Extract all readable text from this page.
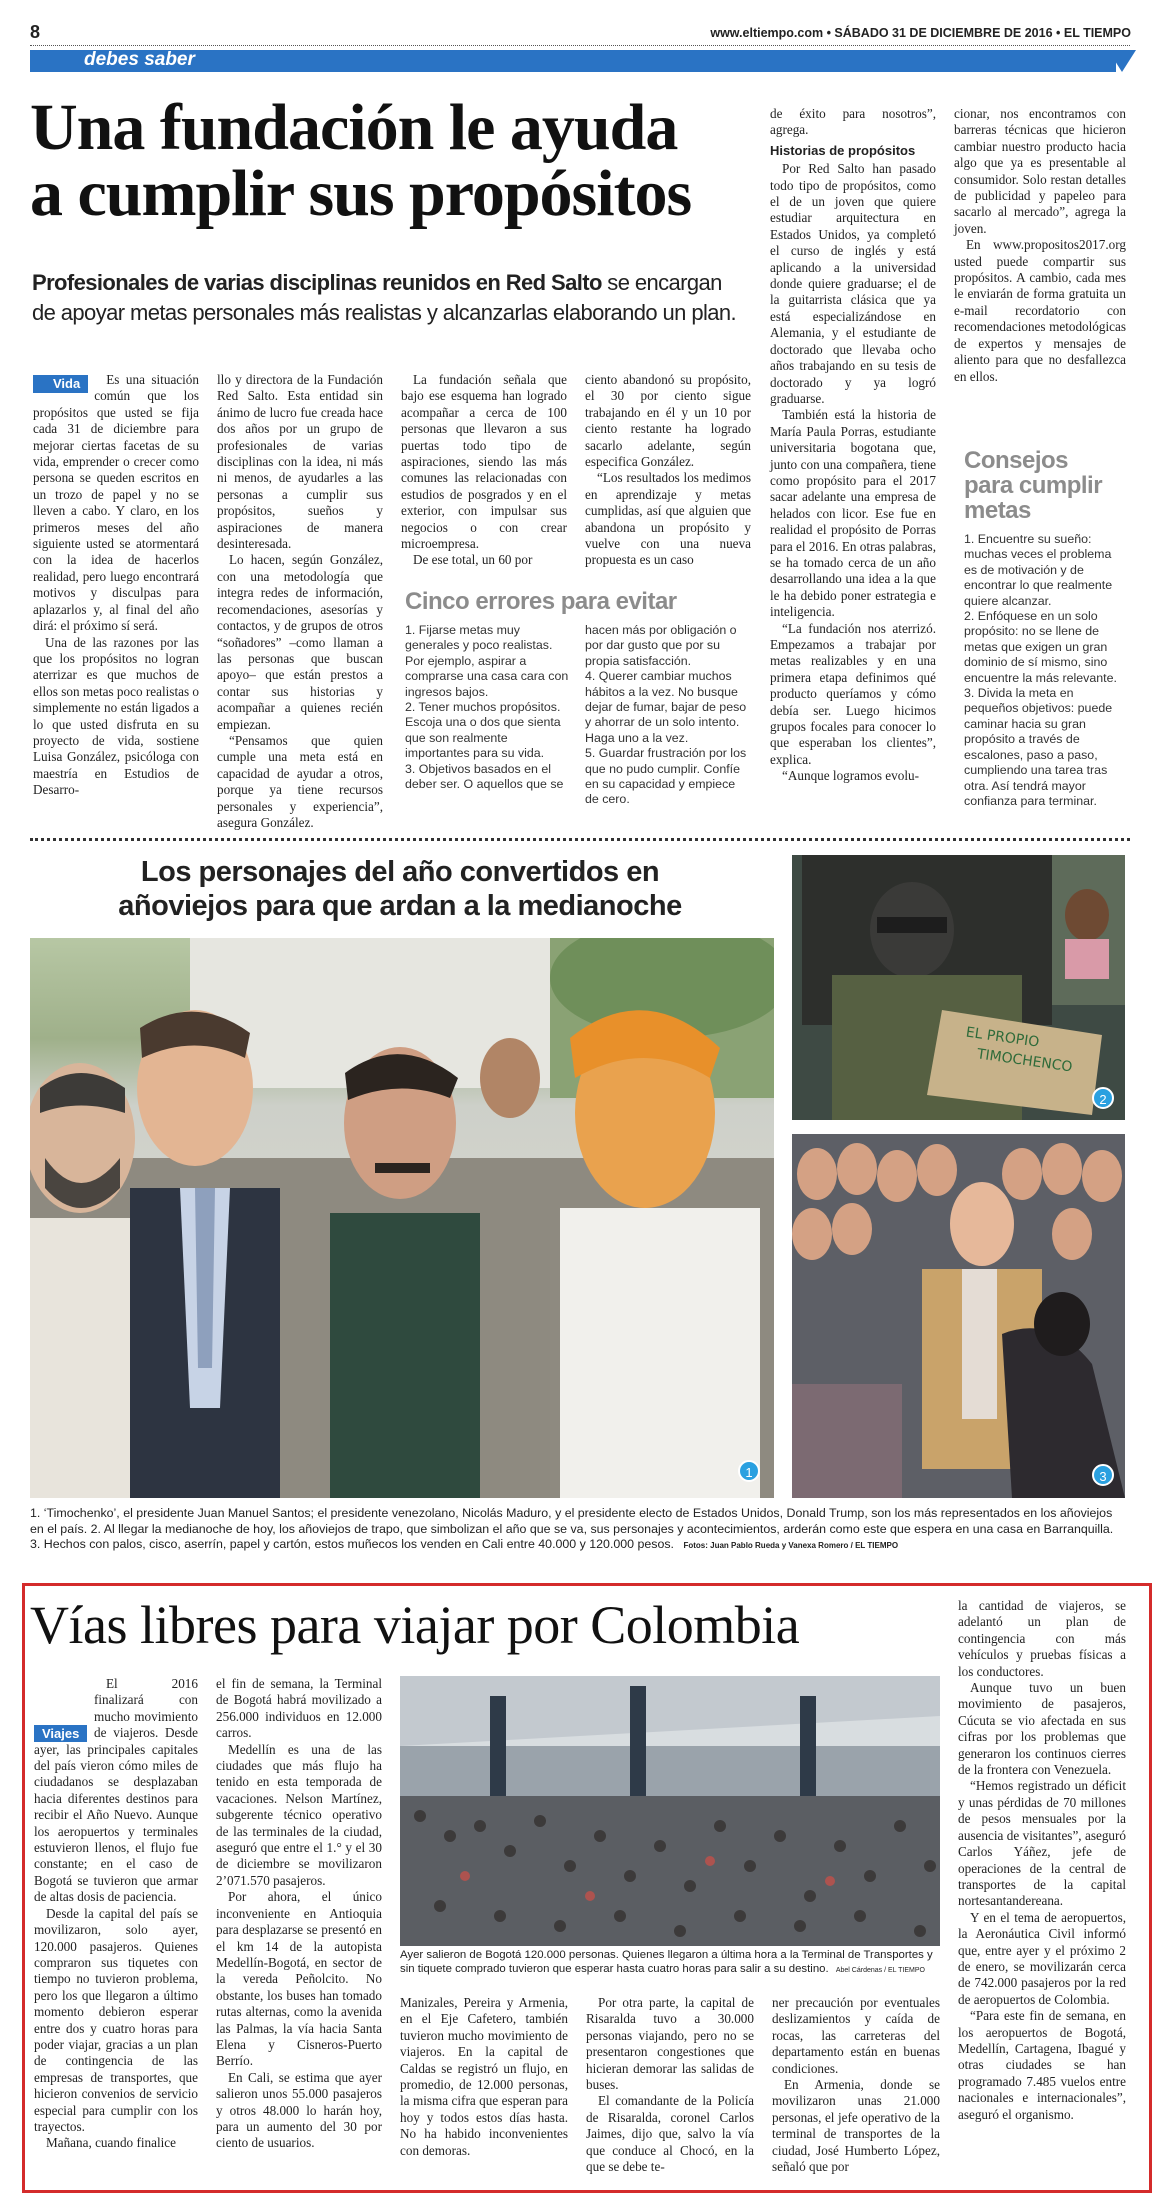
8	www.eltiempo.com • SÁBADO 31 DE DICIEMBRE DE 2016 • EL TIEMPO
debes saber
Una fundación le ayuda
a cumplir sus propósitos
Profesionales de varias disciplinas reunidos en Red Salto se encargan
de apoyar metas personales más realistas y alcanzarlas elaborando un plan.

Vida	Es una situación común que los propósitos que usted se fija cada 31 de diciembre para mejorar ciertas facetas de su vida, emprender o crecer como persona se queden escritos en un trozo de papel y no se lleven a cabo. Y claro, en los primeros meses del año siguiente usted se atormentará con la idea de hacerlos realidad, pero luego encontrará motivos y disculpas para aplazarlos y, al final del año dirá: el próximo sí será.

Una de las razones por las que los propósitos no logran aterrizar es que muchos de ellos son metas poco realistas o simplemente no están ligados a lo que usted disfruta en su proyecto de vida, sostiene Luisa González, psicóloga con maestría en Estudios de Desarro-

llo y directora de la Fundación Red Salto. Esta entidad sin ánimo de lucro fue creada hace dos años por un grupo de profesionales de varias disciplinas con la idea, ni más ni menos, de ayudarles a las personas a cumplir sus propósitos, sueños y aspiraciones de manera desinteresada.

Lo hacen, según González, con una metodología que integra redes de información, recomendaciones, asesorías y contactos, y de grupos de otros “soñadores” –como llaman a las personas que buscan apoyo– que están prestos a contar sus historias y acompañar a quienes recién empiezan.

“Pensamos que quien cumple una meta está en capacidad de ayudar a otros, porque ya tiene recursos personales y experiencia”, asegura González.

La fundación señala que bajo ese esquema han logrado acompañar a cerca de 100 personas que llevaron a sus puertas todo tipo de aspiraciones, siendo las más comunes las relacionadas con estudios de posgrados y en el exterior, con impulsar sus negocios o con crear microempresa.

De ese total, un 60 por

ciento abandonó su propósito, el 30 por ciento sigue trabajando en él y un 10 por ciento restante ha logrado sacarlo adelante, según especifica González.

“Los resultados los medimos en aprendizaje y metas cumplidas, así que alguien que abandona un propósito y vuelve con una nueva propuesta es un caso

Cinco errores para evitar
1. Fijarse metas muy generales y poco realistas. Por ejemplo, aspirar a comprarse una casa cara con ingresos bajos.
2. Tener muchos propósitos. Escoja una o dos que sienta que son realmente importantes para su vida.
3. Objetivos basados en el deber ser. O aquellos que se
hacen más por obligación o por dar gusto que por su propia satisfacción.
4. Querer cambiar muchos hábitos a la vez. No busque dejar de fumar, bajar de peso y ahorrar de un solo intento. Haga uno a la vez.
5. Guardar frustración por los que no pudo cumplir. Confíe en su capacidad y empiece de cero.

de éxito para nosotros”, agrega.

Historias de propósitos

Por Red Salto han pasado todo tipo de propósitos, como el de un joven que quiere estudiar arquitectura en Estados Unidos, ya completó el curso de inglés y está aplicando a la universidad donde quiere graduarse; el de la guitarrista clásica que ya está especializándose en Alemania, y el estudiante de doctorado que llevaba ocho años trabajando en su tesis de doctorado y ya logró graduarse.

También está la historia de María Paula Porras, estudiante universitaria bogotana que, junto con una compañera, tiene como propósito para el 2017 sacar adelante una empresa de helados con licor. Ese fue en realidad el propósito de Porras para el 2016. En otras palabras, se ha tomado cerca de un año desarrollando una idea a la que le ha debido poner estrategia e inteligencia.

“La fundación nos aterrizó. Empezamos a trabajar por metas realizables y en una primera etapa definimos qué producto queríamos y cómo debía ser. Luego hicimos grupos focales para conocer lo que esperaban los clientes”, explica.

“Aunque logramos evolu-

cionar, nos encontramos con barreras técnicas que hicieron cambiar nuestro producto hacia algo que ya es presentable al consumidor. Solo restan detalles de publicidad y papeleo para sacarlo al mercado”, agrega la joven.

En www.propositos2017.org usted puede compartir sus propósitos. A cambio, cada mes le enviarán de forma gratuita un e-mail recordatorio con recomendaciones metodológicas de expertos y mensajes de aliento para que no desfallezca en ellos.

Consejos
para cumplir
metas
1. Encuentre su sueño: muchas veces el problema es de motivación y de encontrar lo que realmente quiere alcanzar.
2. Enfóquese en un solo propósito: no se llene de metas que exigen un gran dominio de sí mismo, sino encuentre la más relevante.
3. Divida la meta en pequeños objetivos: puede caminar hacia su gran propósito a través de escalones, paso a paso, cumpliendo una tarea tras otra. Así tendrá mayor confianza para terminar.
Los personajes del año convertidos en
añoviejos para que ardan a la medianoche
1
EL PROPIO
TIMOCHENCO
2
3
1. ‘Timochenko’, el presidente Juan Manuel Santos; el presidente venezolano, Nicolás Maduro, y el presidente electo de Estados Unidos, Donald Trump, son los más representados en los añoviejos en el país. 2. Al llegar la medianoche de hoy, los añoviejos de trapo, que simbolizan el año que se va, sus personajes y acontecimientos, arderán como este que espera en una casa en Barranquilla. 3. Hechos con palos, cisco, aserrín, papel y cartón, estos muñecos los venden en Cali entre 40.000 y 120.000 pesos. Fotos: Juan Pablo Rueda y Vanexa Romero / EL TIEMPO
Vías libres para viajar por Colombia

El 2016 finalizará con mucho movimiento de viajeros. Desde ayer, las principales capitales del país vieron cómo miles de ciudadanos se desplazaban hacia diferentes destinos para recibir el Año Nuevo. Aunque los aeropuertos y terminales estuvieron llenos, el flujo fue constante; en el caso de Bogotá se tuvieron que armar de altas dosis de paciencia.

Desde la capital del país se movilizaron, solo ayer, 120.000 pasajeros. Quienes compraron sus tiquetes con tiempo no tuvieron problema, pero los que llegaron a último momento debieron esperar entre dos y cuatro horas para poder viajar, gracias a un plan de contingencia de las empresas de transportes, que hicieron convenios de servicio especial para cumplir con los trayectos.

Mañana, cuando finalice

Viajes

el fin de semana, la Terminal de Bogotá habrá movilizado a 256.000 individuos en 12.000 carros.

Medellín es una de las ciudades que más flujo ha tenido en esta temporada de vacaciones. Nelson Martínez, subgerente técnico operativo de las terminales de la ciudad, aseguró que entre el 1.° y el 30 de diciembre se movilizaron 2’071.570 pasajeros.

Por ahora, el único inconveniente en Antioquia para desplazarse se presentó en el km 14 de la autopista Medellín-Bogotá, en sector de la vereda Peñolcito. No obstante, los buses han tomado rutas alternas, como la avenida las Palmas, la vía hacia Santa Elena y Cisneros-Puerto Berrío.

En Cali, se estima que ayer salieron unos 55.000 pasajeros y otros 48.000 lo harán hoy, para un aumento del 30 por ciento de usuarios.

Ayer salieron de Bogotá 120.000 personas. Quienes llegaron a última hora a la Terminal de Transportes y sin tiquete comprado tuvieron que esperar hasta cuatro horas para salir a su destino. Abel Cárdenas / EL TIEMPO

Manizales, Pereira y Armenia, en el Eje Cafetero, también tuvieron mucho movimiento de viajeros. En la capital de Caldas se registró un flujo, en promedio, de 12.000 personas, la misma cifra que esperan para hoy y todos estos días hasta. No ha habido inconvenientes con demoras.

Por otra parte, la capital de Risaralda tuvo a 30.000 personas viajando, pero no se presentaron congestiones que hicieran demorar las salidas de buses.

El comandante de la Policía de Risaralda, coronel Carlos Jaimes, dijo que, salvo la vía que conduce al Chocó, en la que se debe te-

ner precaución por eventuales deslizamientos y caída de rocas, las carreteras del departamento están en buenas condiciones.

En Armenia, donde se movilizaron unas 21.000 personas, el jefe operativo de la terminal de transportes de la ciudad, José Humberto López, señaló que por

la cantidad de viajeros, se adelantó un plan de contingencia con más vehículos y pruebas físicas a los conductores.

Aunque tuvo un buen movimiento de pasajeros, Cúcuta se vio afectada en sus cifras por los problemas que generaron los continuos cierres de la frontera con Venezuela.

“Hemos registrado un déficit y unas pérdidas de 70 millones de pesos mensuales por la ausencia de visitantes”, aseguró Carlos Yáñez, jefe de operaciones de la central de transportes de la capital nortesantandereana.

Y en el tema de aeropuertos, la Aeronáutica Civil informó que, entre ayer y el próximo 2 de enero, se movilizarán cerca de 742.000 pasajeros por la red de aeropuertos de Colombia.

“Para este fin de semana, en los aeropuertos de Bogotá, Medellín, Cartagena, Ibagué y otras ciudades se han programado 7.485 vuelos entre nacionales e internacionales”, aseguró el organismo.
